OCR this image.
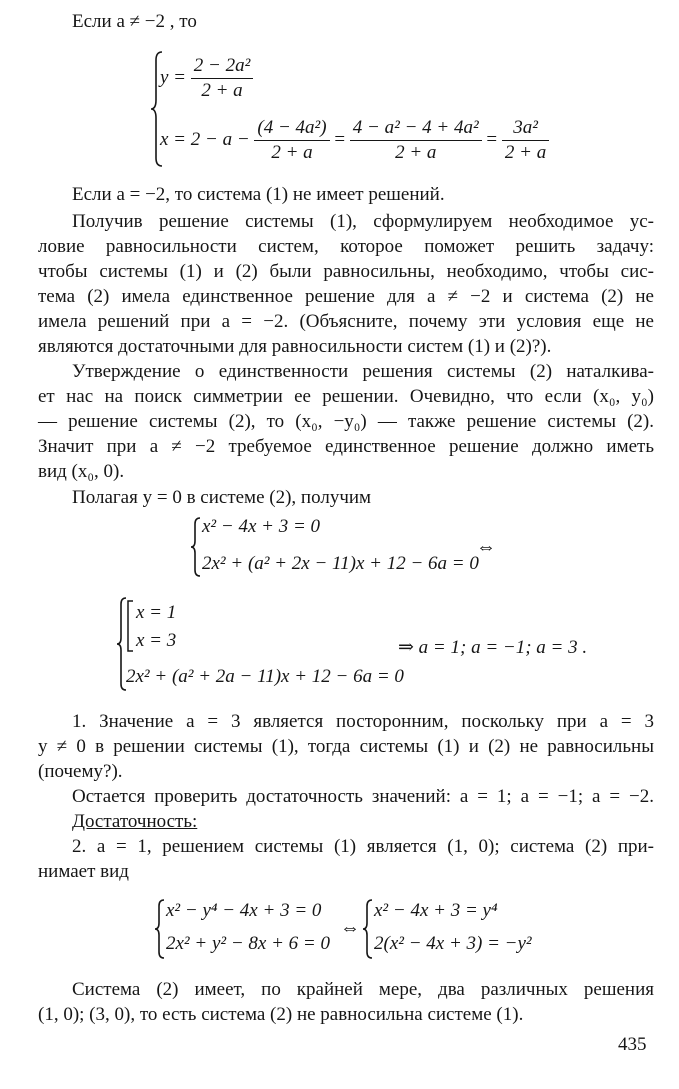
Если a ≠ −2 , то
$y = \frac{\text{2 − 2a²}}{2 + a}$
$x = 2 - a - \frac{\text{(4 − 4a²)}}{2 + a} = \frac{\text{4 − a² − 4 + 4a²}}{2 + a} = \frac{\text{3a²}}{2 + a}$
Если a = −2, то система (1) не имеет решений.
Получив решение системы (1), сформулируем необходимое ус-
ловие равносильности систем, которое поможет решить задачу:
чтобы системы (1) и (2) были равносильны, необходимо, чтобы сис-
тема (2) имела единственное решение для a ≠ −2 и система (2) не
имела решений при a = −2. (Объясните, почему эти условия еще не
являются достаточными для равносильности систем (1) и (2)?).
Утверждение о единственности решения системы (2) наталкива-
ет нас на поиск симметрии ее решении. Очевидно, что если (x₀, y₀)
— решение системы (2), то (x₀, −y₀) — также решение системы (2).
Значит при a ≠ −2 требуемое единственное решение должно иметь
вид (x₀, 0).
Полагая y = 0 в системе (2), получим
x² − 4x + 3 = 0
2x² + (a² + 2x − 11)x + 12 − 6a = 0
⇔
x = 1
x = 3
2x² + (a² + 2a − 11)x + 12 − 6a = 0
⇒ a = 1; a = −1; a = 3 .
1. Значение a = 3 является посторонним, поскольку при a = 3
y ≠ 0 в решении системы (1), тогда системы (1) и (2) не равносильны
(почему?).
Остается проверить достаточность значений: a = 1; a = −1; a = −2.
Достаточность:
2. a = 1, решением системы (1) является (1, 0); система (2) при-
нимает вид
x² − y⁴ − 4x + 3 = 0
2x² + y² − 8x + 6 = 0
⇔
x² − 4x + 3 = y⁴
2(x² − 4x + 3) = −y²
Система (2) имеет, по крайней мере, два различных решения
(1, 0); (3, 0), то есть система (2) не равносильна системе (1).
435
